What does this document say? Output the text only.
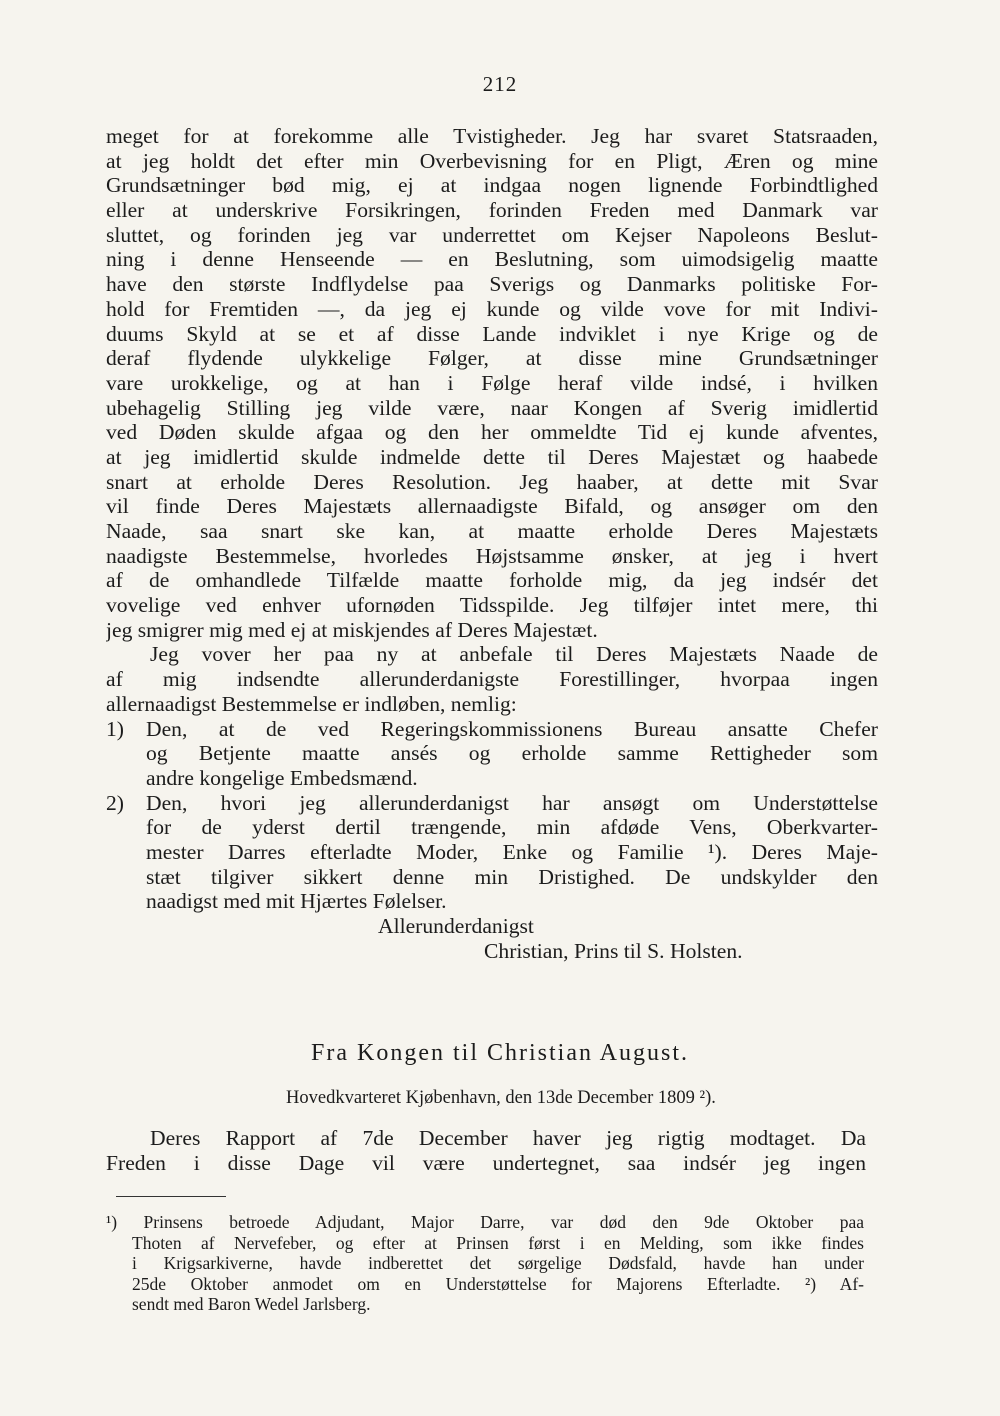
212
meget for at forekomme alle Tvistigheder. Jeg har svaret Statsraaden,
at jeg holdt det efter min Overbevisning for en Pligt, Æren og mine
Grundsætninger bød mig, ej at indgaa nogen lignende Forbindtlighed
eller at underskrive Forsikringen, forinden Freden med Danmark var
sluttet, og forinden jeg var underrettet om Kejser Napoleons Beslut-
ning i denne Henseende — en Beslutning, som uimodsigelig maatte
have den største Indflydelse paa Sverigs og Danmarks politiske For-
hold for Fremtiden —, da jeg ej kunde og vilde vove for mit Indivi-
duums Skyld at se et af disse Lande indviklet i nye Krige og de
deraf flydende ulykkelige Følger, at disse mine Grundsætninger
vare urokkelige, og at han i Følge heraf vilde indsé, i hvilken
ubehagelig Stilling jeg vilde være, naar Kongen af Sverig imidlertid
ved Døden skulde afgaa og den her ommeldte Tid ej kunde afventes,
at jeg imidlertid skulde indmelde dette til Deres Majestæt og haabede
snart at erholde Deres Resolution. Jeg haaber, at dette mit Svar
vil finde Deres Majestæts allernaadigste Bifald, og ansøger om den
Naade, saa snart ske kan, at maatte erholde Deres Majestæts
naadigste Bestemmelse, hvorledes Højstsamme ønsker, at jeg i hvert
af de omhandlede Tilfælde maatte forholde mig, da jeg indsér det
vovelige ved enhver ufornøden Tidsspilde. Jeg tilføjer intet mere, thi
jeg smigrer mig med ej at miskjendes af Deres Majestæt.
Jeg vover her paa ny at anbefale til Deres Majestæts Naade de
af mig indsendte allerunderdanigste Forestillinger, hvorpaa ingen
allernaadigst Bestemmelse er indløben, nemlig:
1)	Den, at de ved Regeringskommissionens Bureau ansatte Chefer
og Betjente maatte ansés og erholde samme Rettigheder som
andre kongelige Embedsmænd.
2)	Den, hvori jeg allerunderdanigst har ansøgt om Understøttelse
for de yderst dertil trængende, min afdøde Vens, Oberkvarter-
mester Darres efterladte Moder, Enke og Familie ¹). Deres Maje-
stæt tilgiver sikkert denne min Dristighed. De undskylder den
naadigst med mit Hjærtes Følelser.
Allerunderdanigst
Christian, Prins til S. Holsten.
Fra Kongen til Christian August.
Hovedkvarteret Kjøbenhavn, den 13de December 1809 ²).
Deres Rapport af 7de December haver jeg rigtig modtaget. Da
Freden i disse Dage vil være undertegnet, saa indsér jeg ingen
¹) Prinsens betroede Adjudant, Major Darre, var død den 9de Oktober paa
Thoten af Nervefeber, og efter at Prinsen først i en Melding, som ikke findes
i Krigsarkiverne, havde indberettet det sørgelige Dødsfald, havde han under
25de Oktober anmodet om en Understøttelse for Majorens Efterladte. ²) Af-
sendt med Baron Wedel Jarlsberg.
